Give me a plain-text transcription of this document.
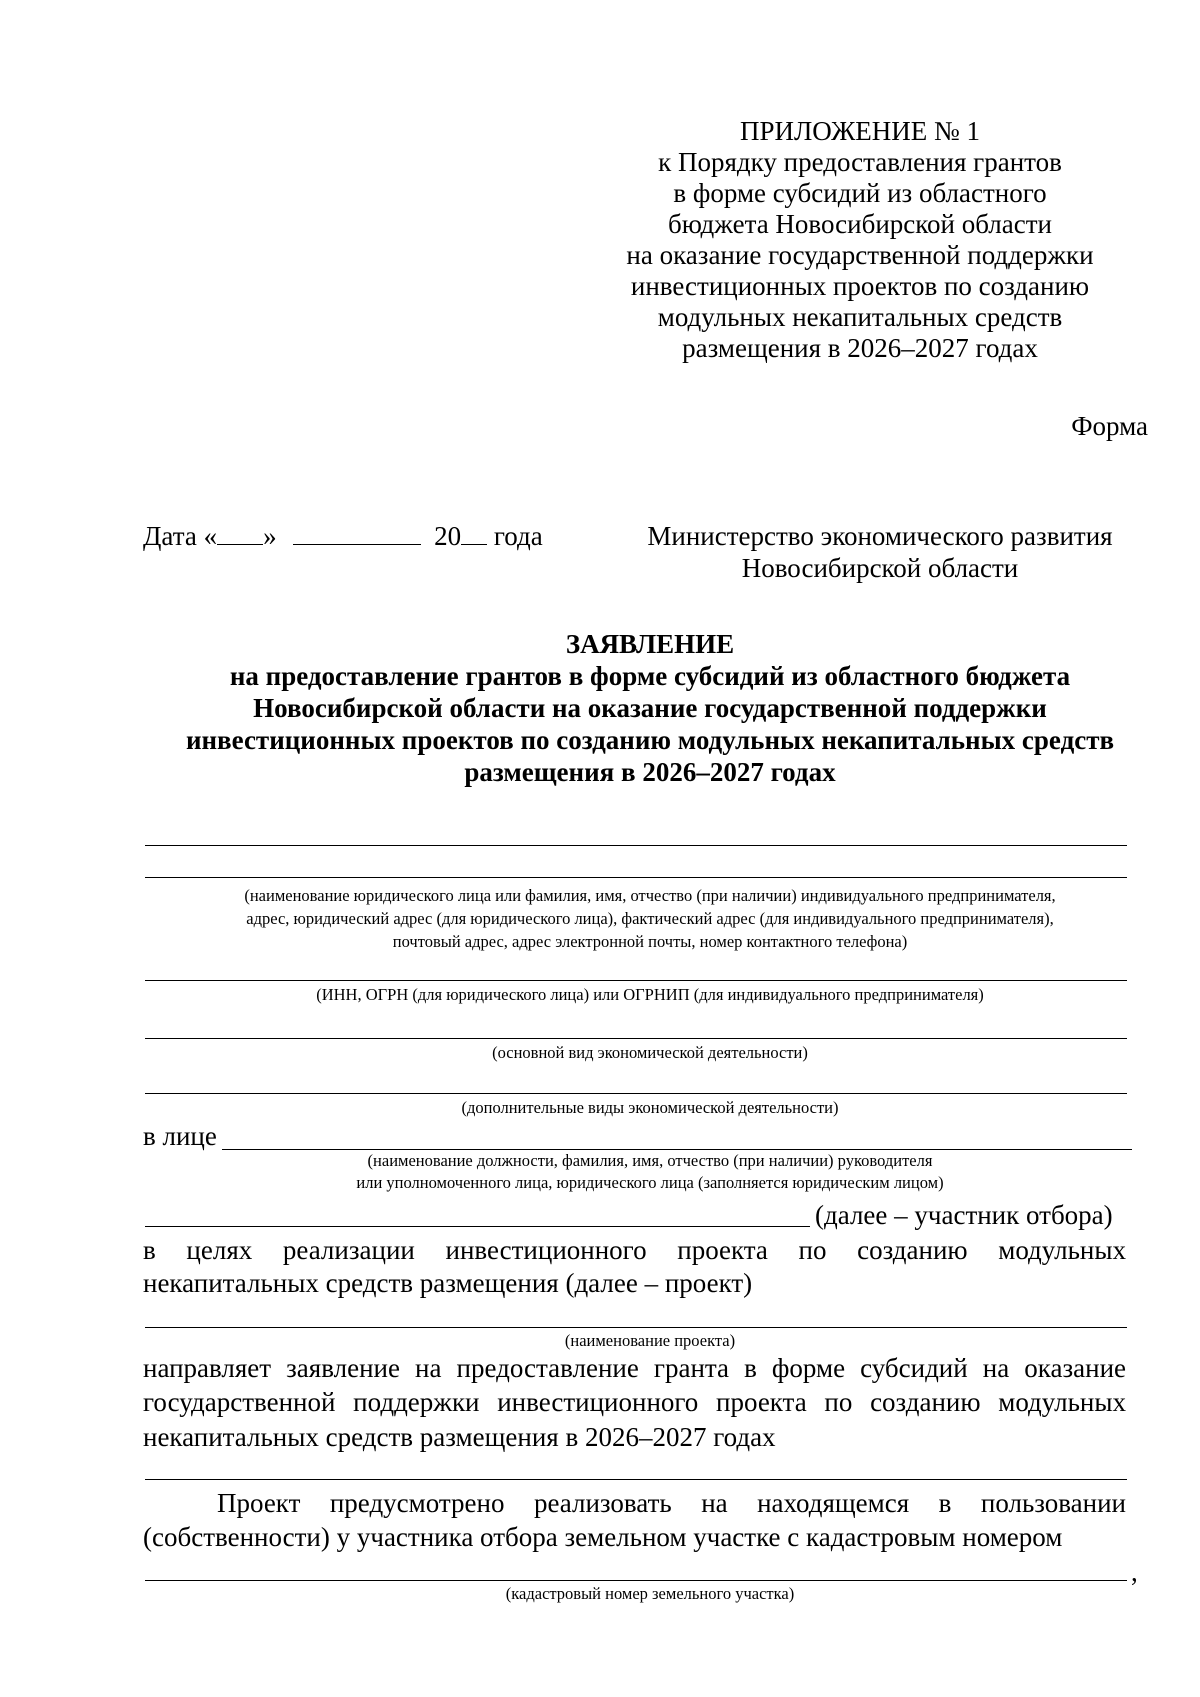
ПРИЛОЖЕНИЕ № 1
к Порядку предоставления грантов
в форме субсидий из областного
бюджета Новосибирской области
на оказание государственной поддержки
инвестиционных проектов по созданию
модульных некапитальных средств
размещения в 2026–2027 годах
Форма
Дата « »	20 года	Министерство экономического развития
Новосибирской области
ЗАЯВЛЕНИЕ
на предоставление грантов в форме субсидий из областного бюджета
Новосибирской области на оказание государственной поддержки
инвестиционных проектов по созданию модульных некапитальных средств
размещения в 2026–2027 годах
(наименование юридического лица или фамилия, имя, отчество (при наличии) индивидуального предпринимателя,
адрес, юридический адрес (для юридического лица), фактический адрес (для индивидуального предпринимателя),
почтовый адрес, адрес электронной почты, номер контактного телефона)
(ИНН, ОГРН (для юридического лица) или ОГРНИП (для индивидуального предпринимателя)
(основной вид экономической деятельности)
(дополнительные виды экономической деятельности)
в лице
(наименование должности, фамилия, имя, отчество (при наличии) руководителя
или уполномоченного лица, юридического лица (заполняется юридическим лицом)
(далее – участник отбора)
в целях реализации инвестиционного проекта по созданию модульных
некапитальных средств размещения (далее – проект)
(наименование проекта)
направляет заявление на предоставление гранта в форме субсидий на оказание
государственной поддержки инвестиционного проекта по созданию модульных
некапитальных средств размещения в 2026–2027 годах
Проект предусмотрено реализовать на находящемся в пользовании
(собственности) у участника отбора земельном участке с кадастровым номером
,
(кадастровый номер земельного участка)
